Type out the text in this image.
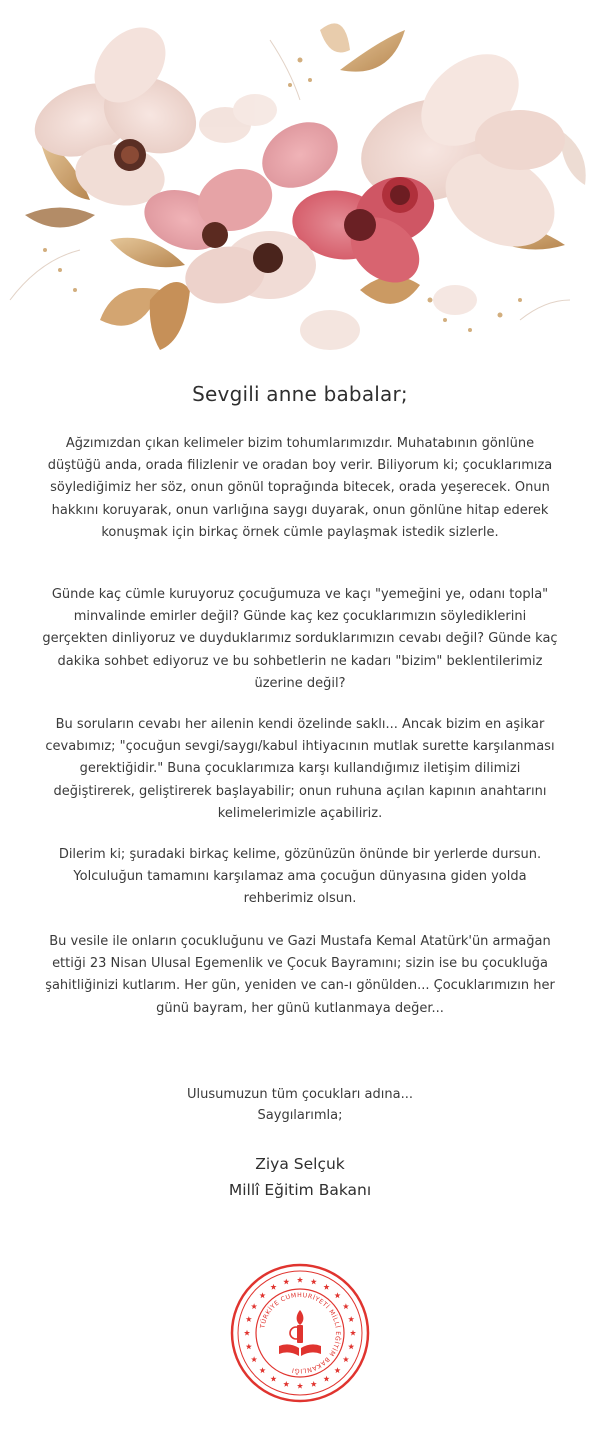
Sevgili anne babalar;

Ağzımızdan çıkan kelimeler bizim tohumlarımızdır. Muhatabının gönlüne düştüğü anda, orada filizlenir ve oradan boy verir. Biliyorum ki; çocuklarımıza söylediğimiz her söz, onun gönül toprağında bitecek, orada yeşerecek. Onun hakkını koruyarak, onun varlığına saygı duyarak, onun gönlüne hitap ederek konuşmak için birkaç örnek cümle paylaşmak istedik sizlerle.

Günde kaç cümle kuruyoruz çocuğumuza ve kaçı "yemeğini ye, odanı topla" minvalinde emirler değil? Günde kaç kez çocuklarımızın söylediklerini gerçekten dinliyoruz ve duyduklarımız sorduklarımızın cevabı değil? Günde kaç dakika sohbet ediyoruz ve bu sohbetlerin ne kadarı "bizim" beklentilerimiz üzerine değil?

Bu soruların cevabı her ailenin kendi özelinde saklı... Ancak bizim en aşikar cevabımız; "çocuğun sevgi/saygı/kabul ihtiyacının mutlak surette karşılanması gerektiğidir." Buna çocuklarımıza karşı kullandığımız iletişim dilimizi değiştirerek, geliştirerek başlayabilir; onun ruhuna açılan kapının anahtarını kelimelerimizle açabiliriz.

Dilerim ki; şuradaki birkaç kelime, gözünüzün önünde bir yerlerde dursun. Yolculuğun tamamını karşılamaz ama çocuğun dünyasına giden yolda rehberimiz olsun.

Bu vesile ile onların çocukluğunu ve Gazi Mustafa Kemal Atatürk'ün armağan ettiği 23 Nisan Ulusal Egemenlik ve Çocuk Bayramını; sizin ise bu çocukluğa şahitliğinizi kutlarım. Her gün, yeniden ve can-ı gönülden... Çocuklarımızın her günü bayram, her günü kutlanmaya değer...

Ulusumuzun tüm çocukları adına...

Saygılarımla;

Ziya Selçuk

Millî Eğitim Bakanı

TÜRKİYE CUMHURİYETİ MİLLÎ EĞİTİM BAKANLIĞI
